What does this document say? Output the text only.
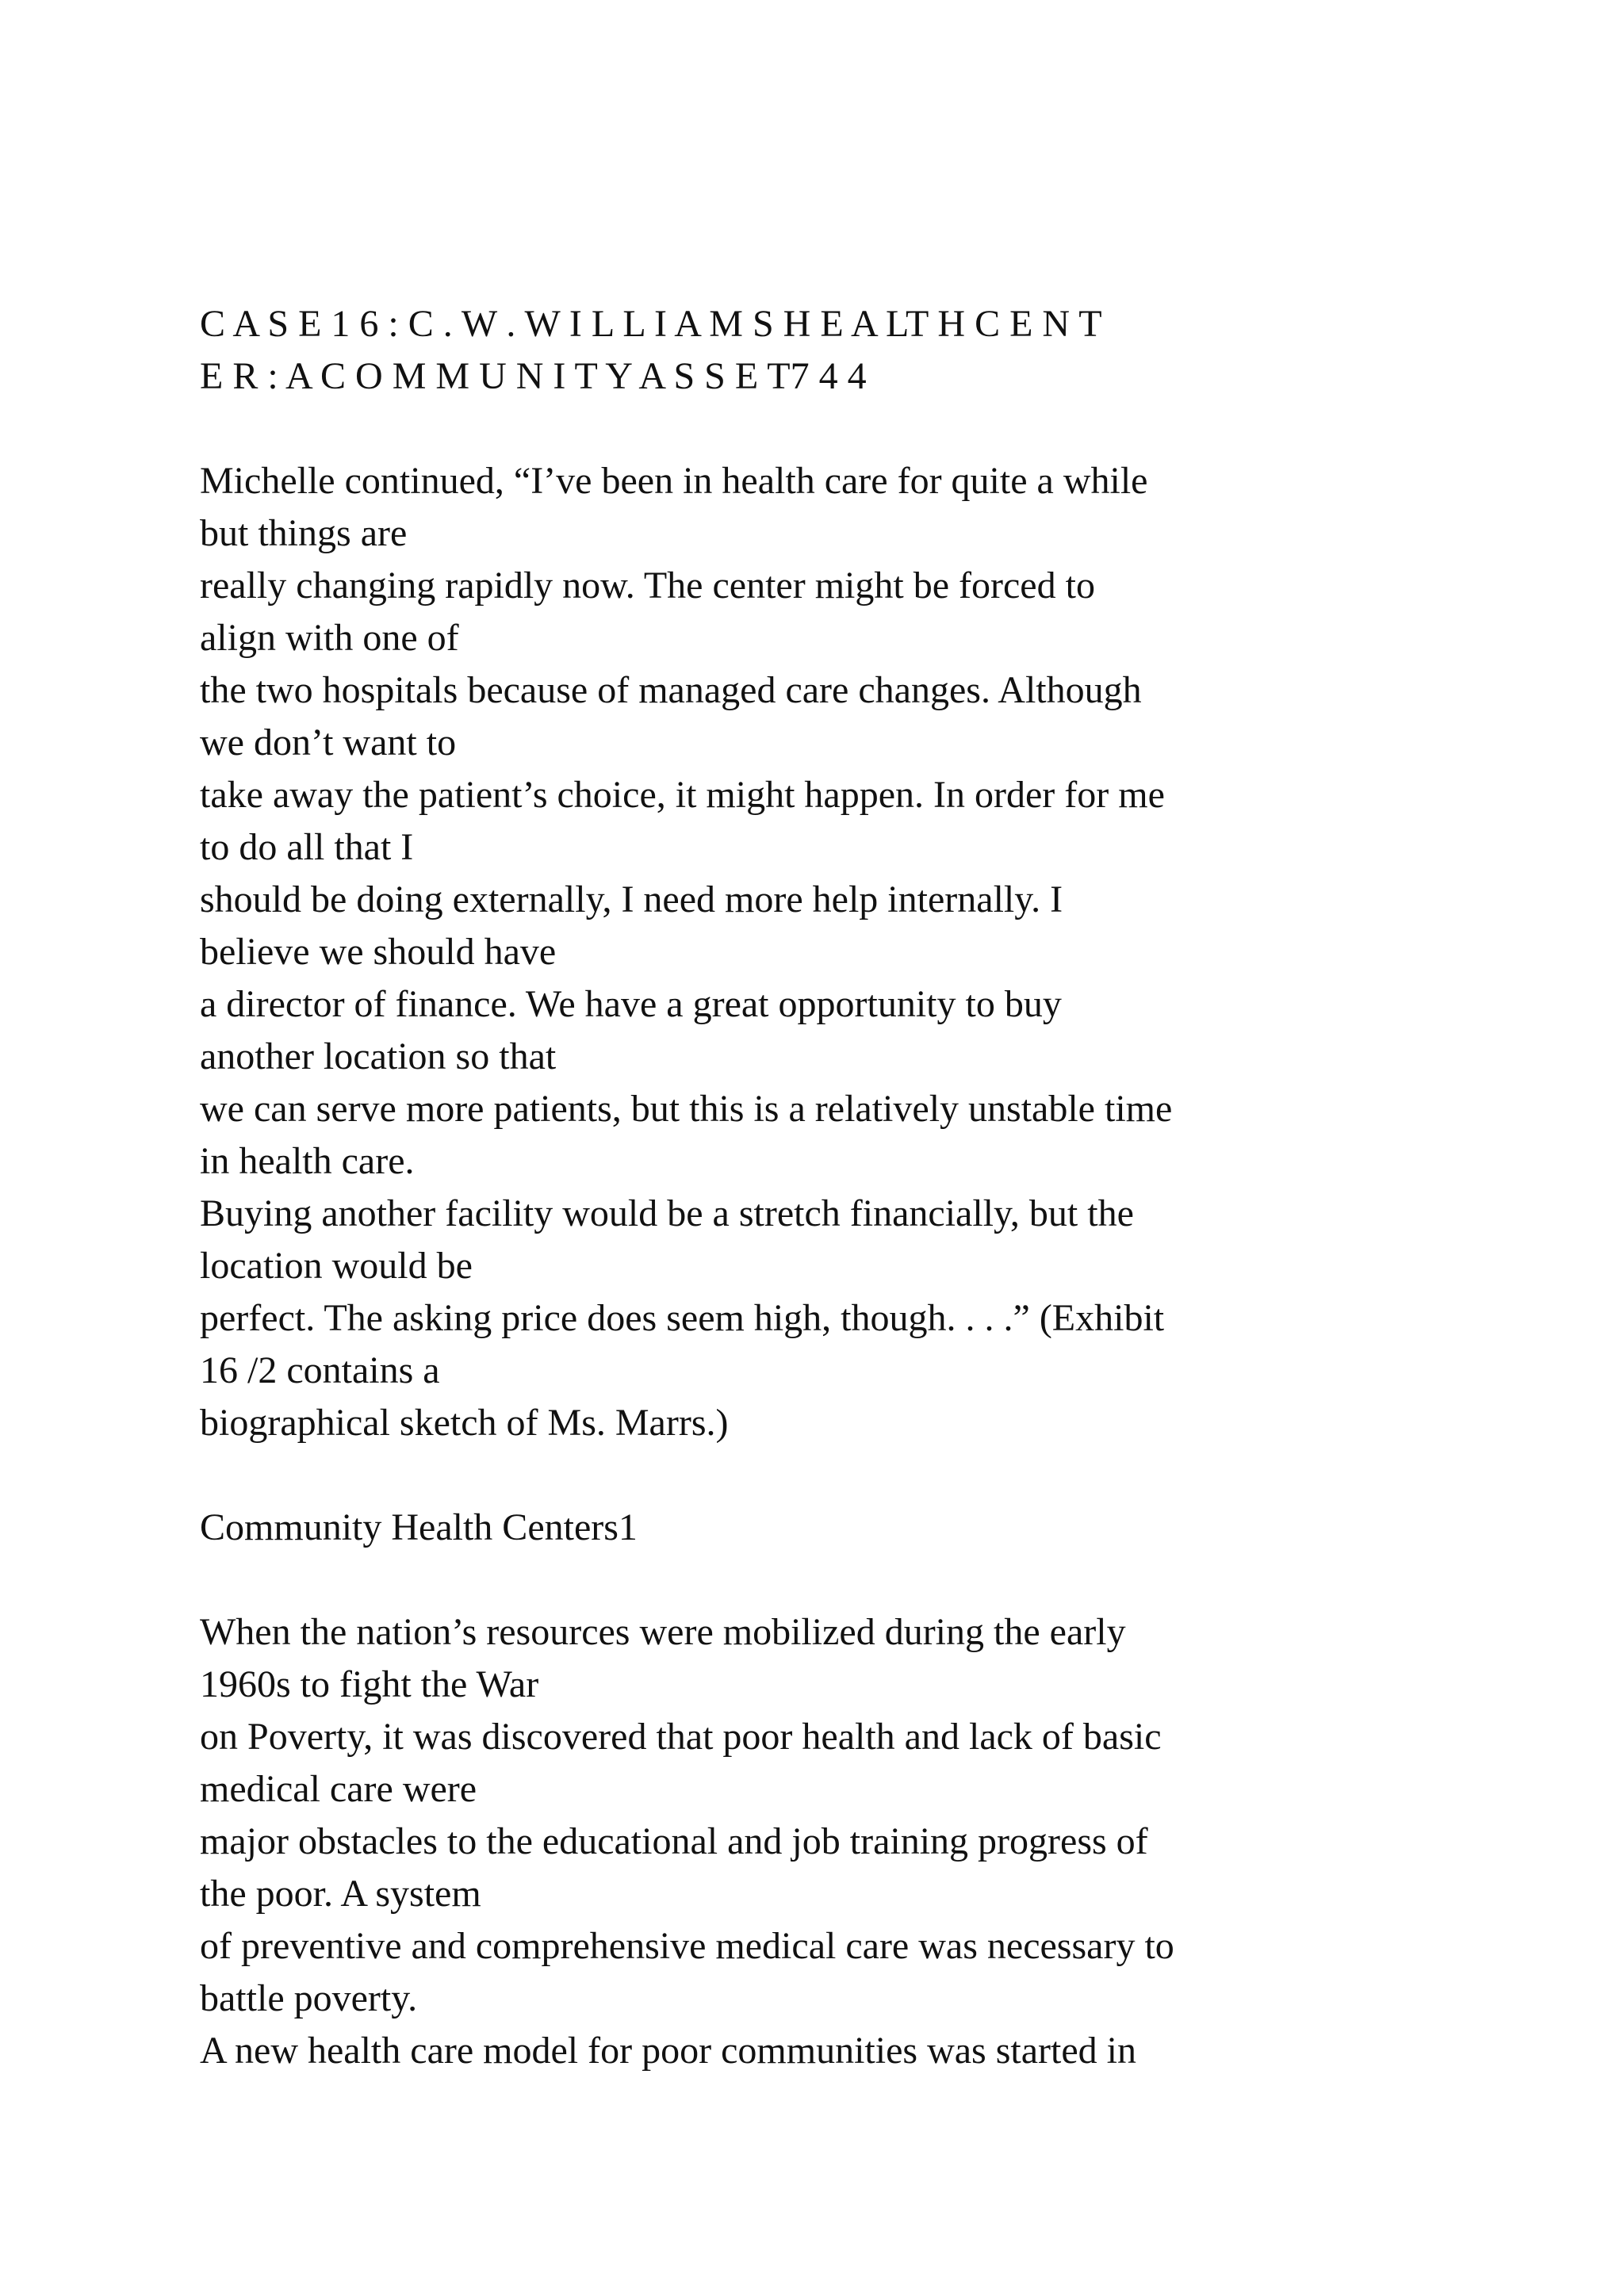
C A S E 1 6 : C . W . W I L L I A M S H E A LT H C E N T
E R : A C O M M U N I T Y A S S E T7 4 4
Michelle continued, “I’ve been in health care for quite a while
but things are
really changing rapidly now. The center might be forced to
align with one of
the two hospitals because of managed care changes. Although
we don’t want to
take away the patient’s choice, it might happen. In order for me
to do all that I
should be doing externally, I need more help internally. I
believe we should have
a director of finance. We have a great opportunity to buy
another location so that
we can serve more patients, but this is a relatively unstable time
in health care.
Buying another facility would be a stretch financially, but the
location would be
perfect. The asking price does seem high, though. . . .” (Exhibit
16 /2 contains a
biographical sketch of Ms. Marrs.)
Community Health Centers1
When the nation’s resources were mobilized during the early
1960s to fight the War
on Poverty, it was discovered that poor health and lack of basic
medical care were
major obstacles to the educational and job training progress of
the poor. A system
of preventive and comprehensive medical care was necessary to
battle poverty.
A new health care model for poor communities was started in
